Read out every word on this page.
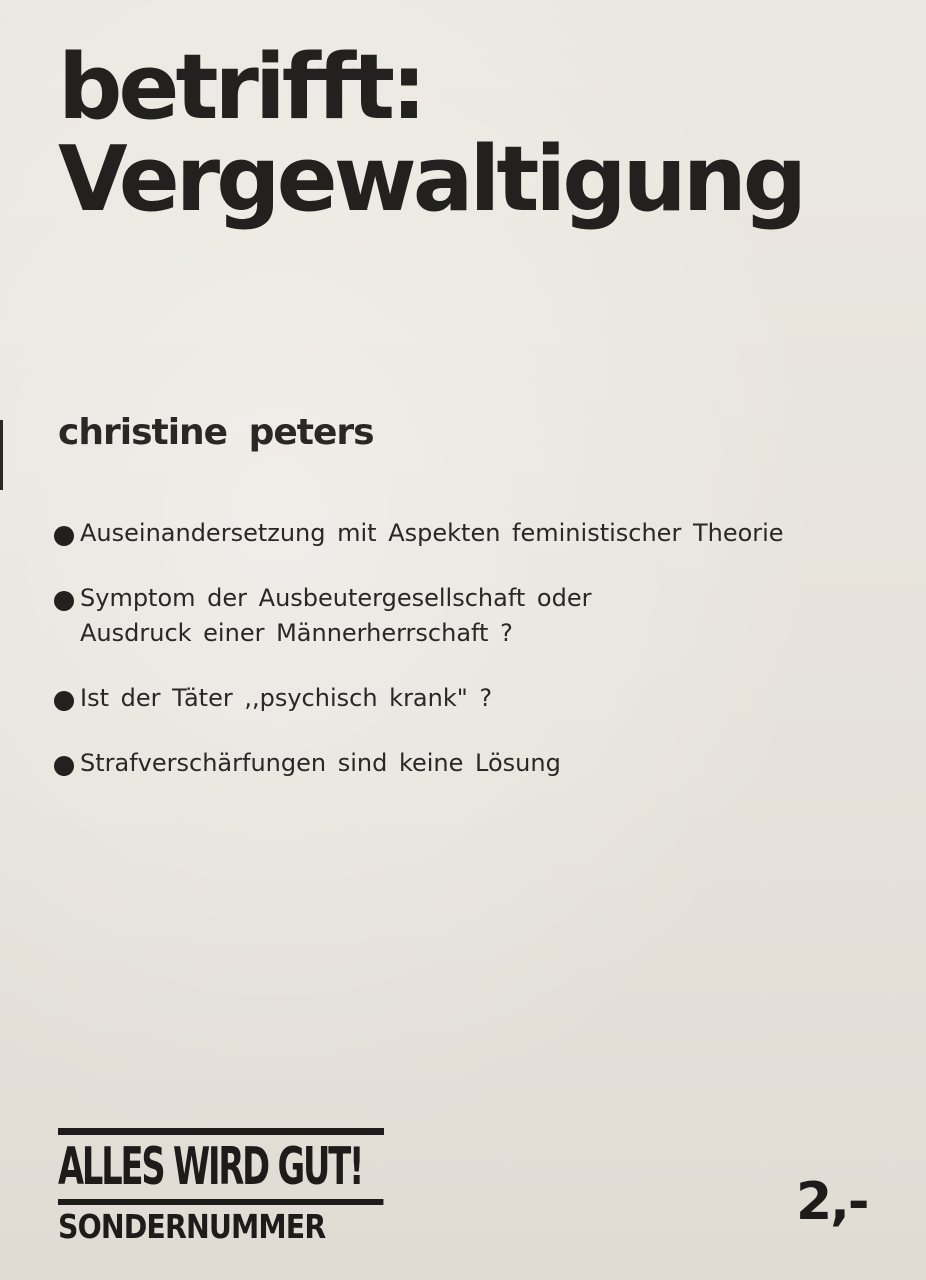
betrifft:
Vergewaltigung
christine peters
Auseinandersetzung mit Aspekten feministischer Theorie
Symptom der Ausbeutergesellschaft oder
Ausdruck einer Männerherrschaft ?
Ist der Täter ,,psychisch krank" ?
Strafverschärfungen sind keine Lösung
ALLES WIRD GUT!
SONDERNUMMER	2,-
